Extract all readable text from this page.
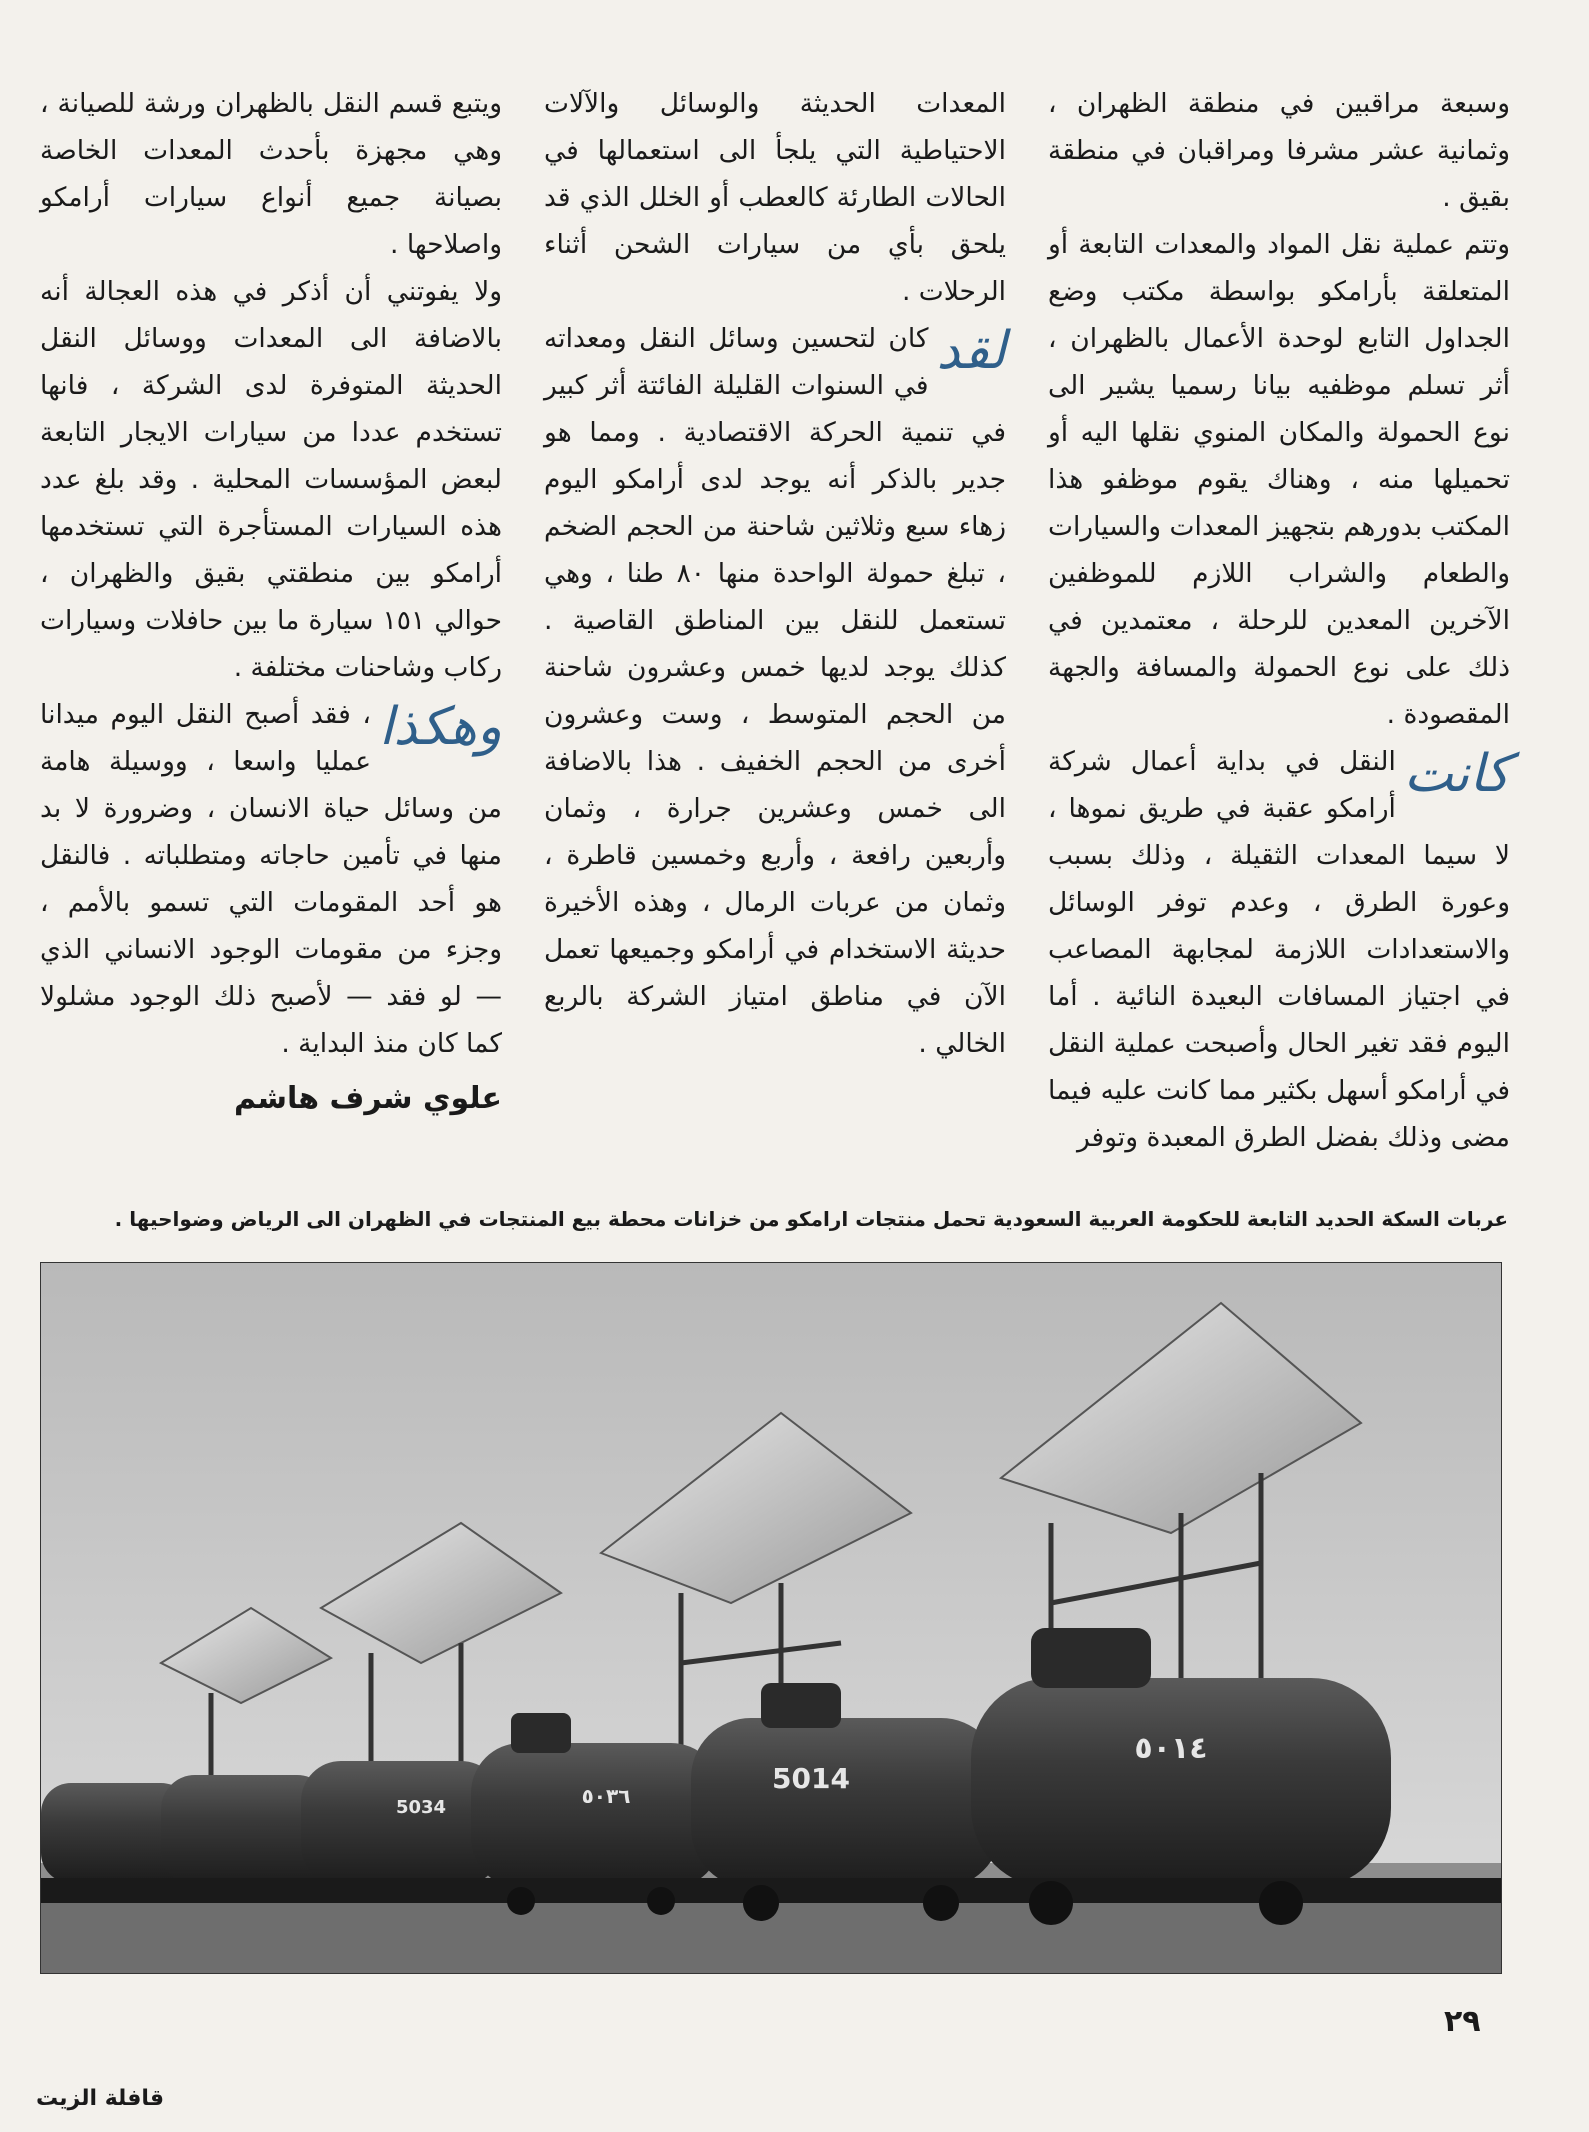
وسبعة مراقبين في منطقة الظهران ، وثمانية عشر مشرفا ومراقبان في منطقة بقيق .

وتتم عملية نقل المواد والمعدات التابعة أو المتعلقة بأرامكو بواسطة مكتب وضع الجداول التابع لوحدة الأعمال بالظهران ، أثر تسلم موظفيه بيانا رسميا يشير الى نوع الحمولة والمكان المنوي نقلها اليه أو تحميلها منه ، وهناك يقوم موظفو هذا المكتب بدورهم بتجهيز المعدات والسيارات والطعام والشراب اللازم للموظفين الآخرين المعدين للرحلة ، معتمدين في ذلك على نوع الحمولة والمسافة والجهة المقصودة .

كانت
النقل في بداية أعمال شركة أرامكو عقبة في طريق نموها ، لا سيما المعدات الثقيلة ، وذلك بسبب وعورة الطرق ، وعدم توفر الوسائل والاستعدادات اللازمة لمجابهة المصاعب في اجتياز المسافات البعيدة النائية . أما اليوم فقد تغير الحال وأصبحت عملية النقل في أرامكو أسهل بكثير مما كانت عليه فيما مضى وذلك بفضل الطرق المعبدة وتوفر

المعدات الحديثة والوسائل والآلات الاحتياطية التي يلجأ الى استعمالها في الحالات الطارئة كالعطب أو الخلل الذي قد يلحق بأي من سيارات الشحن أثناء الرحلات .

لقد
كان لتحسين وسائل النقل ومعداته في السنوات القليلة الفائتة أثر كبير في تنمية الحركة الاقتصادية . ومما هو جدير بالذكر أنه يوجد لدى أرامكو اليوم زهاء سبع وثلاثين شاحنة من الحجم الضخم ، تبلغ حمولة الواحدة منها ٨٠ طنا ، وهي تستعمل للنقل بين المناطق القاصية . كذلك يوجد لديها خمس وعشرون شاحنة من الحجم المتوسط ، وست وعشرون أخرى من الحجم الخفيف . هذا بالاضافة الى خمس وعشرين جرارة ، وثمان وأربعين رافعة ، وأربع وخمسين قاطرة ، وثمان من عربات الرمال ، وهذه الأخيرة حديثة الاستخدام في أرامكو وجميعها تعمل الآن في مناطق امتياز الشركة بالربع الخالي .

ويتبع قسم النقل بالظهران ورشة للصيانة ، وهي مجهزة بأحدث المعدات الخاصة بصيانة جميع أنواع سيارات أرامكو واصلاحها .

ولا يفوتني أن أذكر في هذه العجالة أنه بالاضافة الى المعدات ووسائل النقل الحديثة المتوفرة لدى الشركة ، فانها تستخدم عددا من سيارات الايجار التابعة لبعض المؤسسات المحلية . وقد بلغ عدد هذه السيارات المستأجرة التي تستخدمها أرامكو بين منطقتي بقيق والظهران ، حوالي ١٥١ سيارة ما بين حافلات وسيارات ركاب وشاحنات مختلفة .

وهكذا
، فقد أصبح النقل اليوم ميدانا عمليا واسعا ، ووسيلة هامة من وسائل حياة الانسان ، وضرورة لا بد منها في تأمين حاجاته ومتطلباته . فالنقل هو أحد المقومات التي تسمو بالأمم ، وجزء من مقومات الوجود الانساني الذي — لو فقد — لأصبح ذلك الوجود مشلولا كما كان منذ البداية .

علوي شرف هاشم
عربات السكة الحديد التابعة للحكومة العربية السعودية تحمل منتجات ارامكو من خزانات محطة بيع المنتجات في الظهران الى الرياض وضواحيها .
٥٠١٤
5014
٥٠٣٦
5034
٢٩
قافلة الزيت
